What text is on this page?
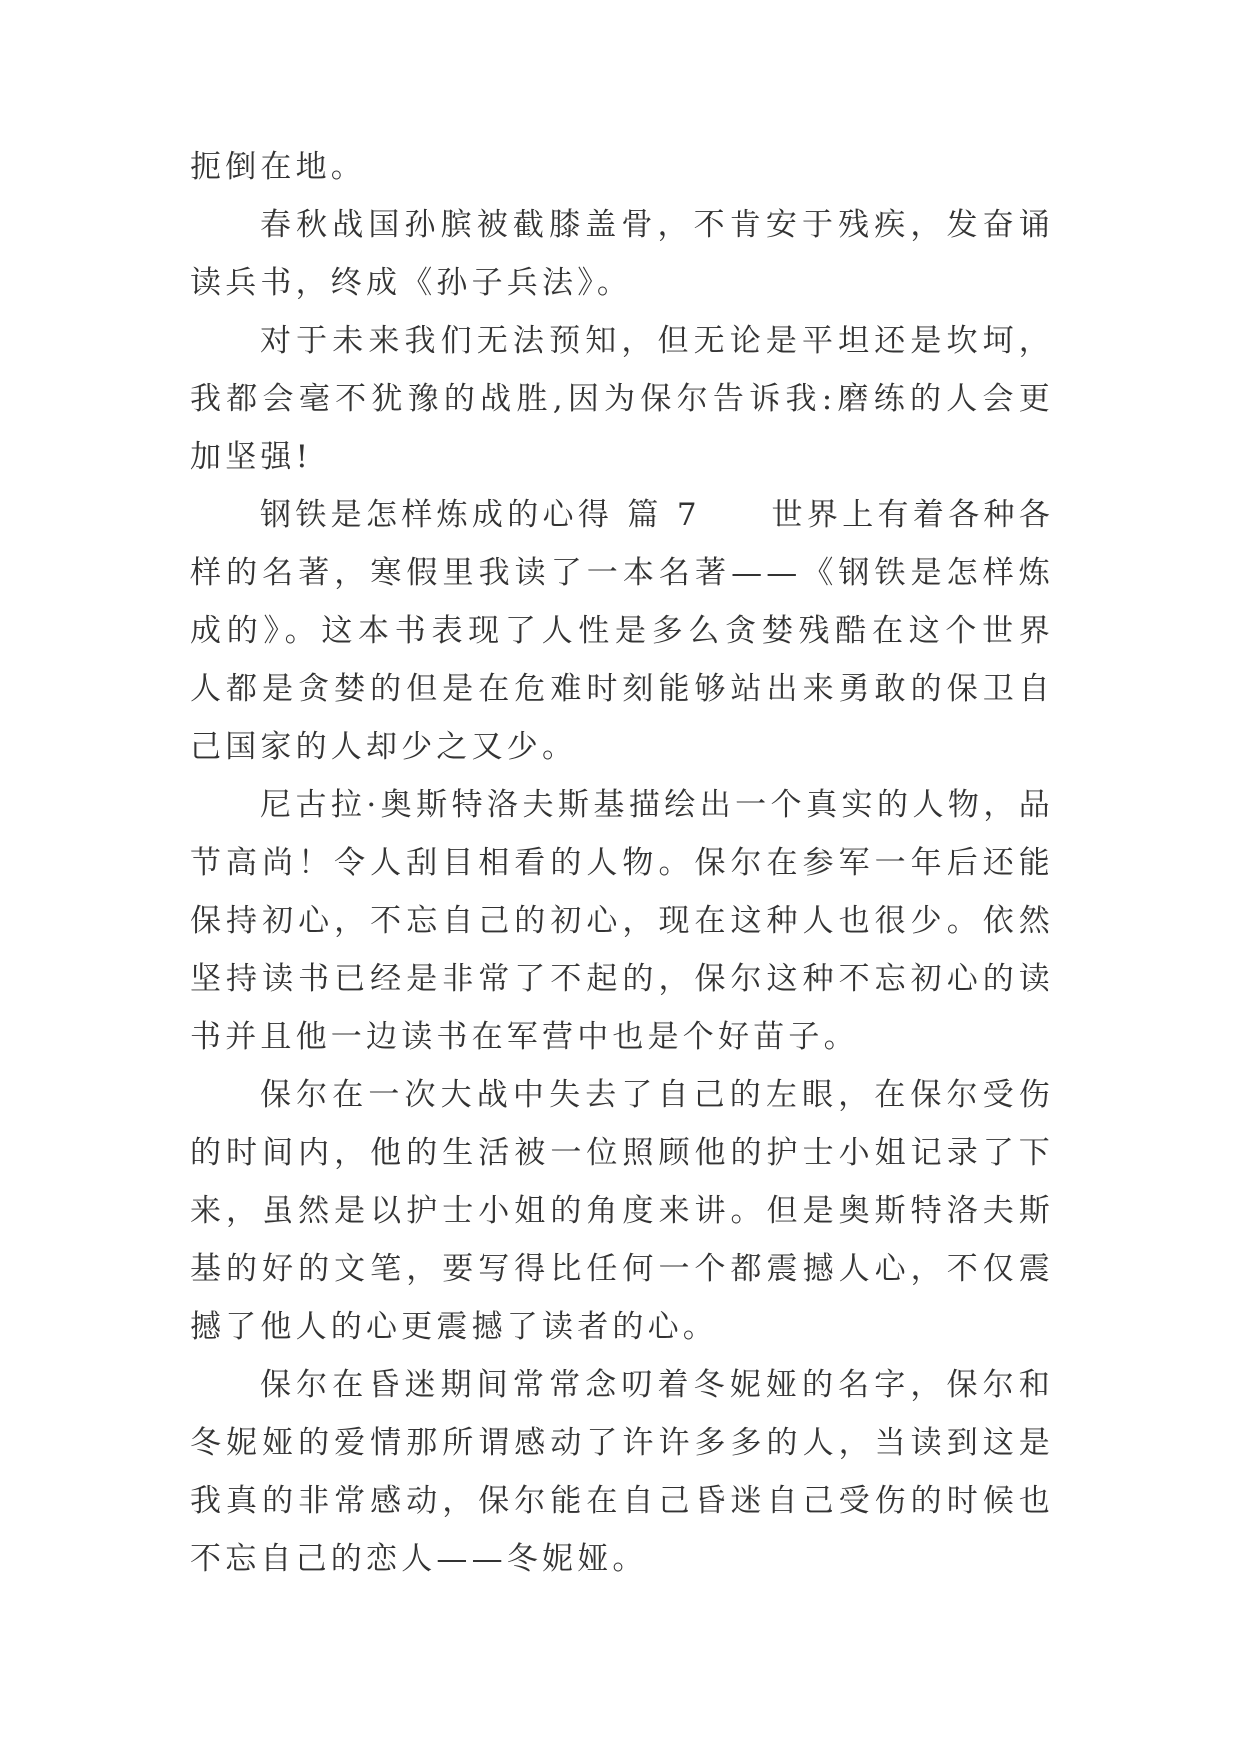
扼倒在地。

春秋战国孙膑被截膝盖骨，不肯安于残疾，发奋诵读兵书，终成《孙子兵法》。

对于未来我们无法预知，但无论是平坦还是坎坷，我都会毫不犹豫的战胜,因为保尔告诉我:磨练的人会更加坚强!

钢铁是怎样炼成的心得 篇 7　　世界上有着各种各样的名著，寒假里我读了一本名著——《钢铁是怎样炼成的》。这本书表现了人性是多么贪婪残酷在这个世界人都是贪婪的但是在危难时刻能够站出来勇敢的保卫自己国家的人却少之又少。

尼古拉·奥斯特洛夫斯基描绘出一个真实的人物，品节高尚！令人刮目相看的人物。保尔在参军一年后还能保持初心，不忘自己的初心，现在这种人也很少。依然坚持读书已经是非常了不起的，保尔这种不忘初心的读书并且他一边读书在军营中也是个好苗子。

保尔在一次大战中失去了自己的左眼，在保尔受伤的时间内，他的生活被一位照顾他的护士小姐记录了下来，虽然是以护士小姐的角度来讲。但是奥斯特洛夫斯基的好的文笔，要写得比任何一个都震撼人心，不仅震撼了他人的心更震撼了读者的心。

保尔在昏迷期间常常念叨着冬妮娅的名字，保尔和冬妮娅的爱情那所谓感动了许许多多的人，当读到这是我真的非常感动，保尔能在自己昏迷自己受伤的时候也不忘自己的恋人——冬妮娅。
